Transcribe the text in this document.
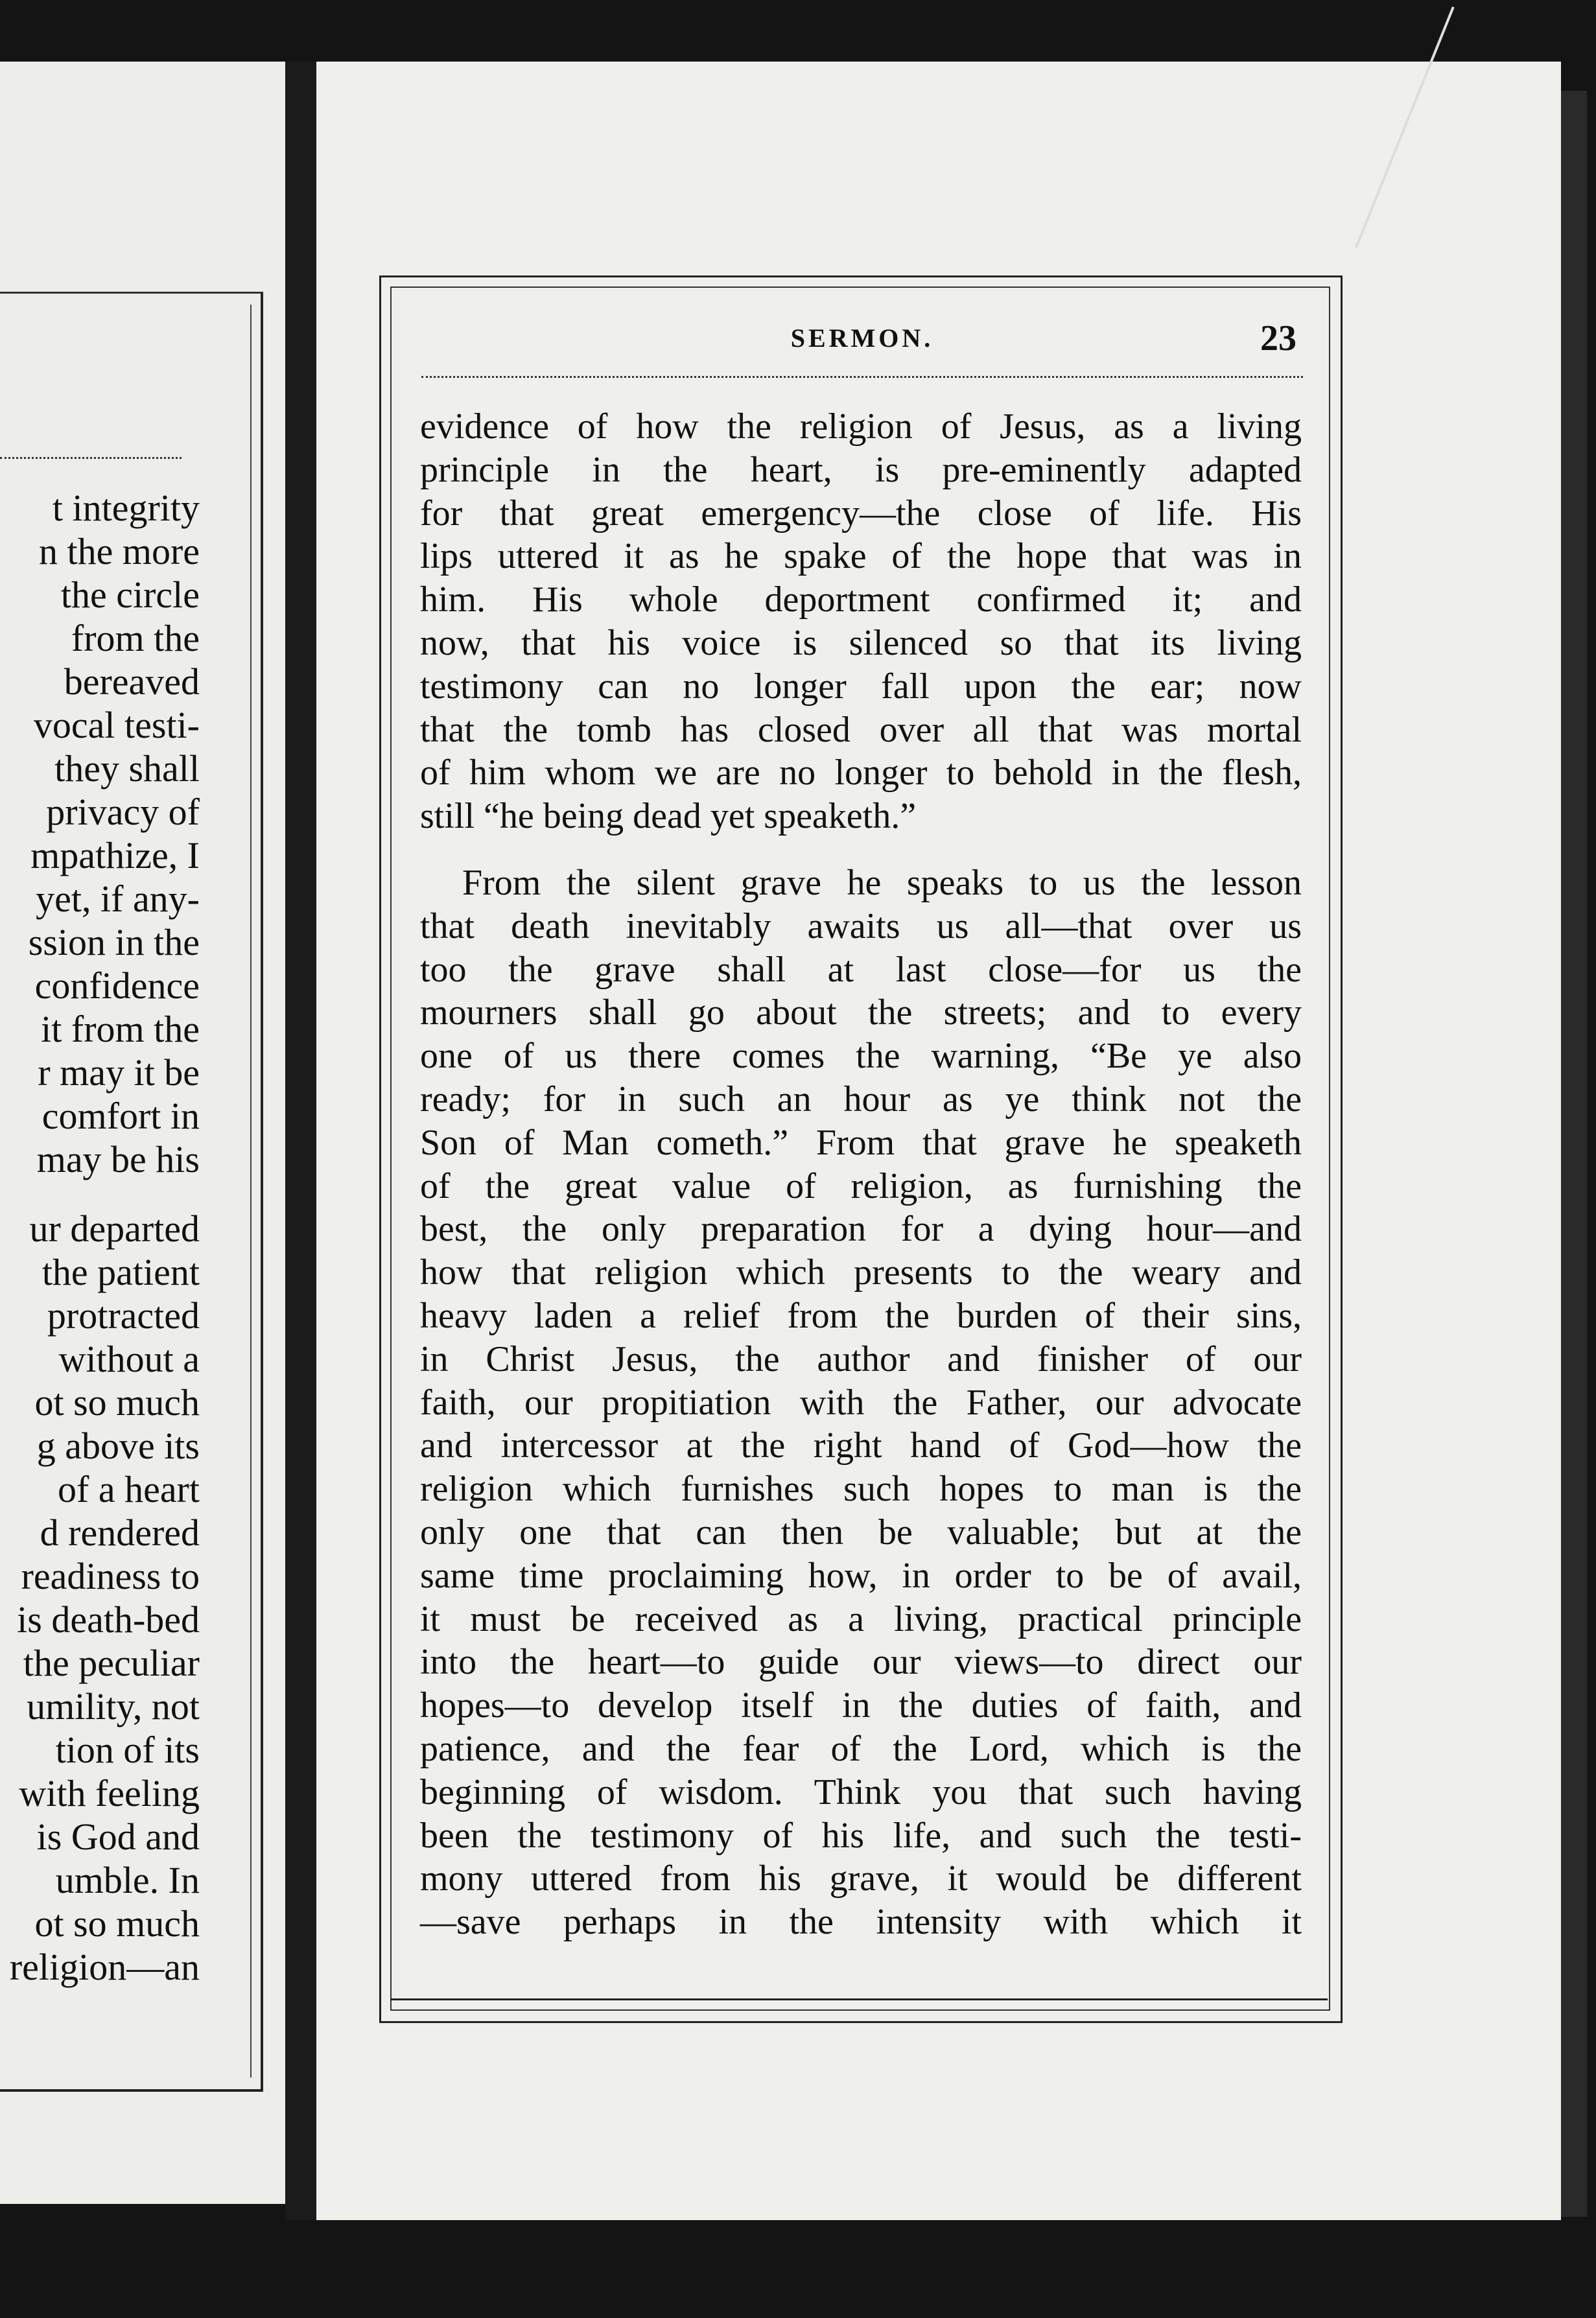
t integrity

n the more

the circle

from the

bereaved

vocal testi-

they shall

privacy of

mpathize, I

yet, if any-

ssion in the

confidence

it from the

r may it be

comfort in

may be his

ur departed

the patient

protracted

without a

ot so much

g above its

of a heart

d rendered

readiness to

is death-bed

the peculiar

umility, not

tion of its

with feeling

is God and

umble. In

ot so much

religion—an

SERMON.	23
evidence of how the religion of Jesus, as a living
principle in the heart, is pre-eminently adapted
for that great emergency—the close of life. His
lips uttered it as he spake of the hope that was in
him. His whole deportment confirmed it; and
now, that his voice is silenced so that its living
testimony can no longer fall upon the ear; now
that the tomb has closed over all that was mortal
of him whom we are no longer to behold in the flesh,
still “he being dead yet speaketh.”
From the silent grave he speaks to us the lesson
that death inevitably awaits us all—that over us
too the grave shall at last close—for us the
mourners shall go about the streets; and to every
one of us there comes the warning, “Be ye also
ready; for in such an hour as ye think not the
Son of Man cometh.” From that grave he speaketh
of the great value of religion, as furnishing the
best, the only preparation for a dying hour—and
how that religion which presents to the weary and
heavy laden a relief from the burden of their sins,
in Christ Jesus, the author and finisher of our
faith, our propitiation with the Father, our advocate
and intercessor at the right hand of God—how the
religion which furnishes such hopes to man is the
only one that can then be valuable; but at the
same time proclaiming how, in order to be of avail,
it must be received as a living, practical principle
into the heart—to guide our views—to direct our
hopes—to develop itself in the duties of faith, and
patience, and the fear of the Lord, which is the
beginning of wisdom. Think you that such having
been the testimony of his life, and such the testi-
mony uttered from his grave, it would be different
—save perhaps in the intensity with which it
